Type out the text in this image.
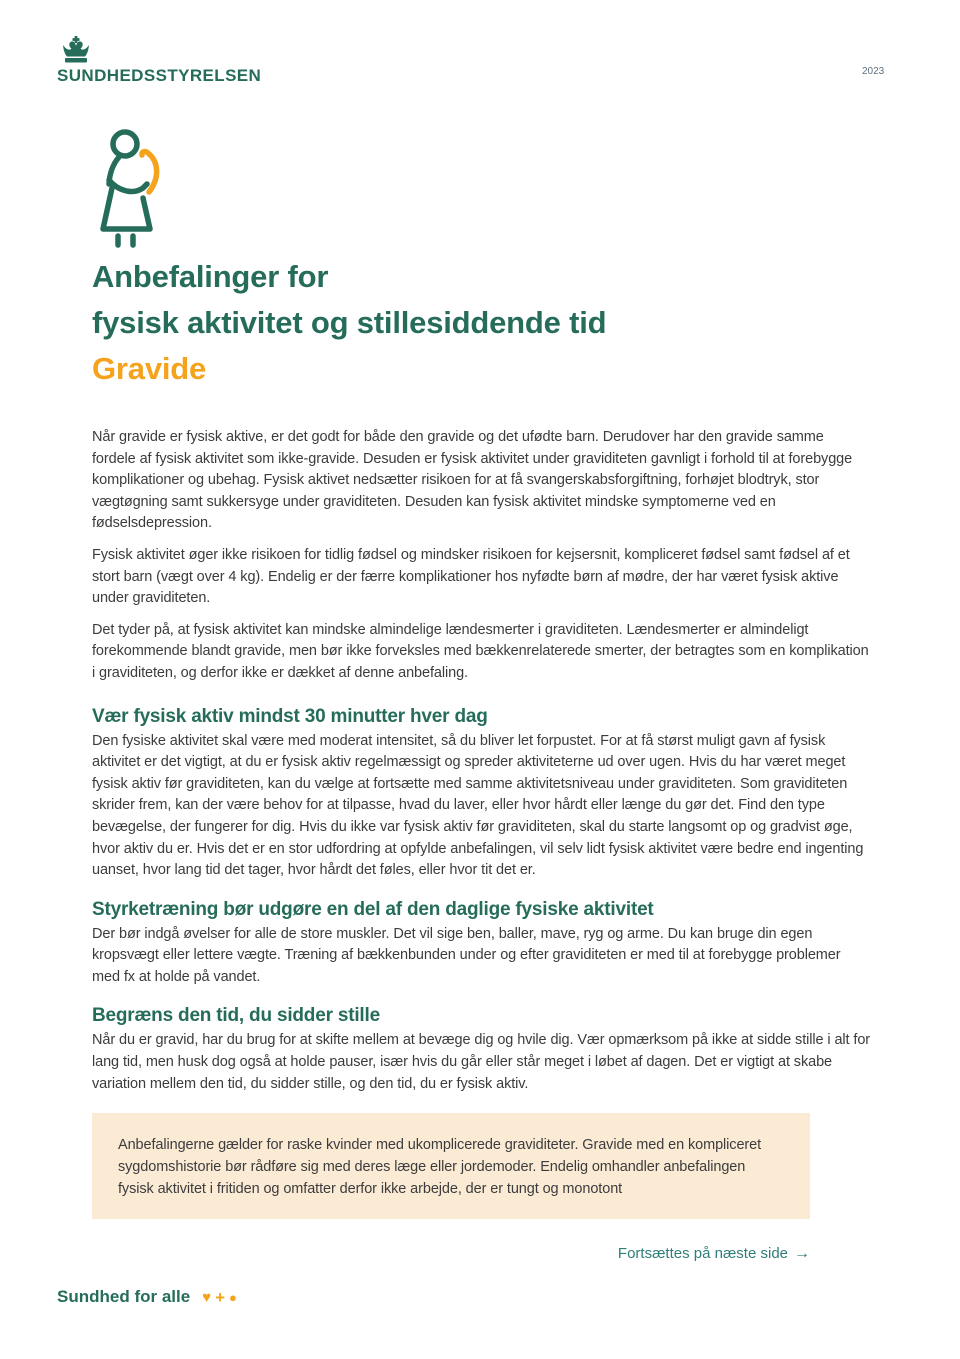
SUNDHEDSSTYRELSEN	2023
Anbefalinger for
fysisk aktivitet og stillesiddende tid
Gravide

Når gravide er fysisk aktive, er det godt for både den gravide og det ufødte barn. Derudover har den gravide samme fordele af fysisk aktivitet som ikke-gravide. Desuden er fysisk aktivitet under graviditeten gavnligt i forhold til at forebygge komplikationer og ubehag. Fysisk aktivet nedsætter risikoen for at få svangerskabsforgiftning, forhøjet blodtryk, stor vægtøgning samt sukkersyge under graviditeten. Desuden kan fysisk aktivitet mindske symptomerne ved en fødselsdepression.

Fysisk aktivitet øger ikke risikoen for tidlig fødsel og mindsker risikoen for kejsersnit, kompliceret fødsel samt fødsel af et stort barn (vægt over 4 kg). Endelig er der færre komplikationer hos nyfødte børn af mødre, der har været fysisk aktive under graviditeten.

Det tyder på, at fysisk aktivitet kan mindske almindelige lændesmerter i graviditeten. Lændesmerter er almindeligt forekommende blandt gravide, men bør ikke forveksles med bækkenrelaterede smerter, der betragtes som en komplikation i graviditeten, og derfor ikke er dækket af denne anbefaling.

Vær fysisk aktiv mindst 30 minutter hver dag

Den fysiske aktivitet skal være med moderat intensitet, så du bliver let forpustet. For at få størst muligt gavn af fysisk aktivitet er det vigtigt, at du er fysisk aktiv regelmæssigt og spreder aktiviteterne ud over ugen. Hvis du har været meget fysisk aktiv før graviditeten, kan du vælge at fortsætte med samme aktivitetsniveau under graviditeten. Som graviditeten skrider frem, kan der være behov for at tilpasse, hvad du laver, eller hvor hårdt eller længe du gør det. Find den type bevægelse, der fungerer for dig. Hvis du ikke var fysisk aktiv før graviditeten, skal du starte langsomt op og gradvist øge, hvor aktiv du er. Hvis det er en stor udfordring at opfylde anbefalingen, vil selv lidt fysisk aktivitet være bedre end ingenting uanset, hvor lang tid det tager, hvor hårdt det føles, eller hvor tit det er.

Styrketræning bør udgøre en del af den daglige fysiske aktivitet

Der bør indgå øvelser for alle de store muskler. Det vil sige ben, baller, mave, ryg og arme. Du kan bruge din egen kropsvægt eller lettere vægte. Træning af bækkenbunden under og efter graviditeten er med til at forebygge problemer med fx at holde på vandet.

Begræns den tid, du sidder stille

Når du er gravid, har du brug for at skifte mellem at bevæge dig og hvile dig. Vær opmærksom på ikke at sidde stille i alt for lang tid, men husk dog også at holde pauser, især hvis du går eller står meget i løbet af dagen. Det er vigtigt at skabe variation mellem den tid, du sidder stille, og den tid, du er fysisk aktiv.

Anbefalingerne gælder for raske kvinder med ukomplicerede graviditeter. Gravide med en kompliceret sygdomshistorie bør rådføre sig med deres læge eller jordemoder. Endelig omhandler anbefalingen fysisk aktivitet i fritiden og omfatter derfor ikke arbejde, der er tungt og monotont
Fortsættes på næste side →
Sundhed for alle ♥ + ●
